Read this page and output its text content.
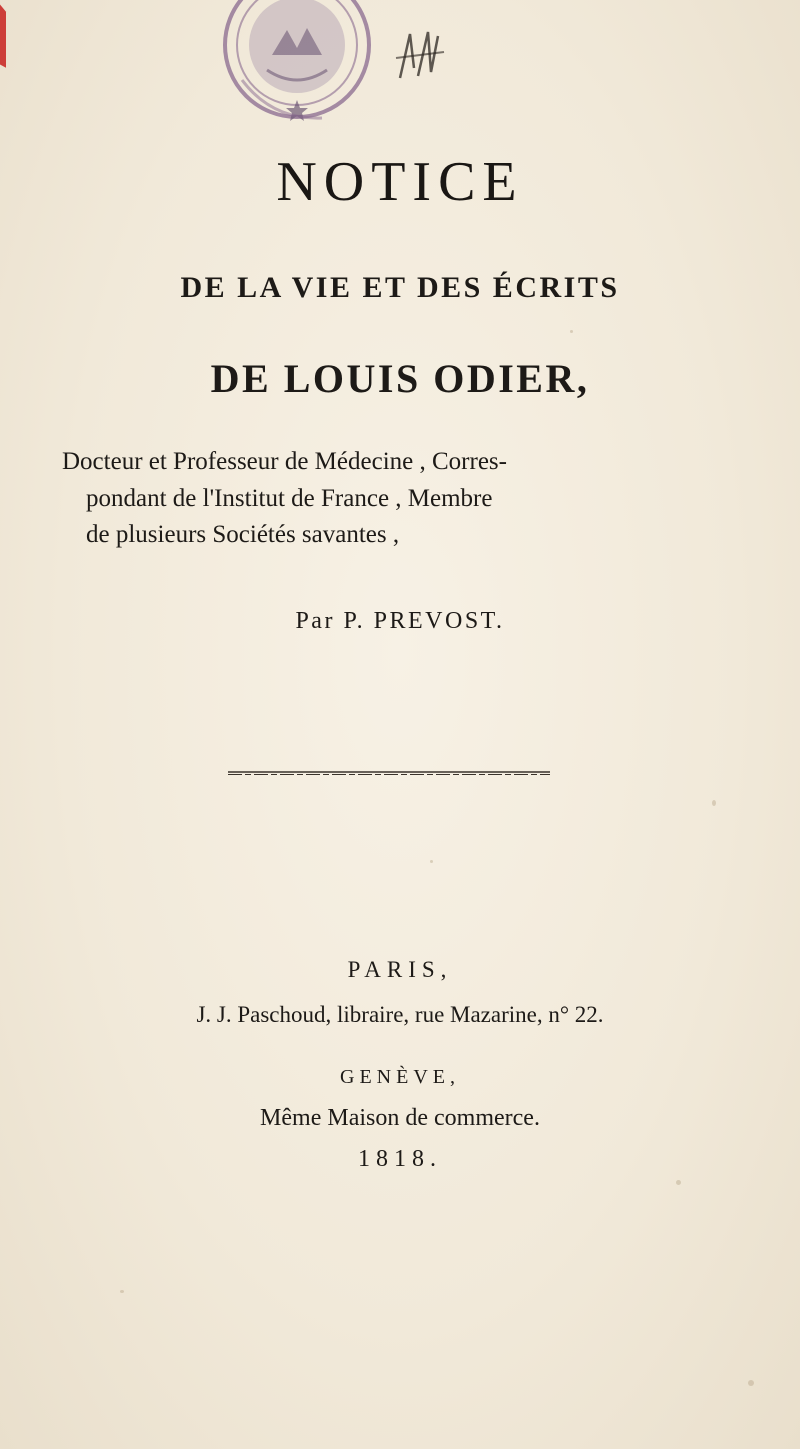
NOTICE
DE LA VIE ET DES ÉCRITS
DE LOUIS ODIER,
Docteur et Professeur de Médecine , Corres-
pondant de l'Institut de France , Membre
de plusieurs Sociétés savantes ,
Par P. PREVOST.
PARIS,
J. J. Paschoud, libraire, rue Mazarine, n° 22.
GENÈVE,
Même Maison de commerce.
1818.
